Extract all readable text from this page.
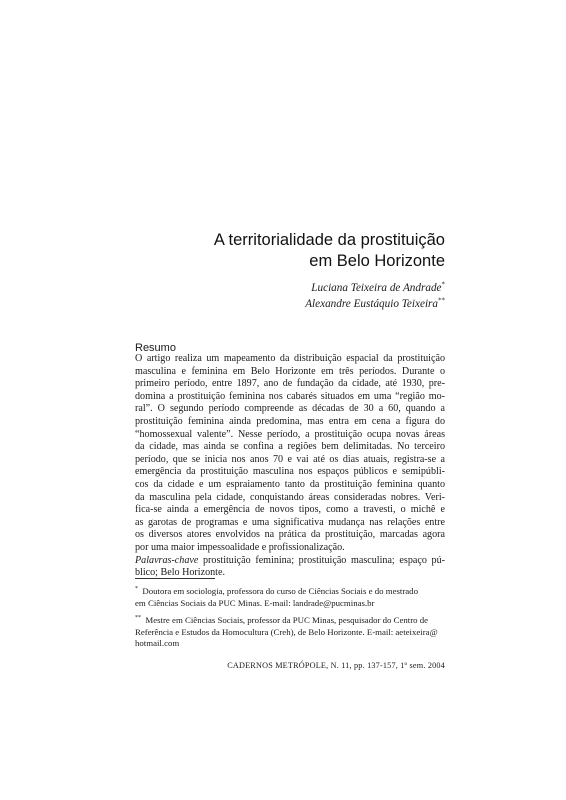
A territorialidade da prostituição
em Belo Horizonte
Luciana Teixeira de Andrade*
Alexandre Eustáquio Teixeira**
Resumo
O artigo realiza um mapeamento da distribuição espacial da prostituição
masculina e feminina em Belo Horizonte em três períodos. Durante o
primeiro período, entre 1897, ano de fundação da cidade, até 1930, pre-
domina a prostituição feminina nos cabarés situados em uma “região mo-
ral”. O segundo período compreende as décadas de 30 a 60, quando a
prostituição feminina ainda predomina, mas entra em cena a figura do
“homossexual valente”. Nesse período, a prostituição ocupa novas áreas
da cidade, mas ainda se confina a regiões bem delimitadas. No terceiro
período, que se inicia nos anos 70 e vai até os dias atuais, registra-se a
emergência da prostituição masculina nos espaços públicos e semipúbli-
cos da cidade e um espraiamento tanto da prostituição feminina quanto
da masculina pela cidade, conquistando áreas consideradas nobres. Veri-
fica-se ainda a emergência de novos tipos, como a travesti, o michê e
as garotas de programas e uma significativa mudança nas relações entre
os diversos atores envolvidos na prática da prostituição, marcadas agora
por uma maior impessoalidade e profissionalização.
Palavras-chave prostituição feminina; prostituição masculina; espaço pú-
blico; Belo Horizonte.
* Doutora em sociologia, professora do curso de Ciências Sociais e do mestrado
em Ciências Sociais da PUC Minas. E-mail: landrade@pucminas.br
** Mestre em Ciências Sociais, professor da PUC Minas, pesquisador do Centro de
Referência e Estudos da Homocultura (Creh), de Belo Horizonte. E-mail: aeteixeira@
hotmail.com
CADERNOS METRÓPOLE, N. 11, pp. 137-157, 1º sem. 2004
